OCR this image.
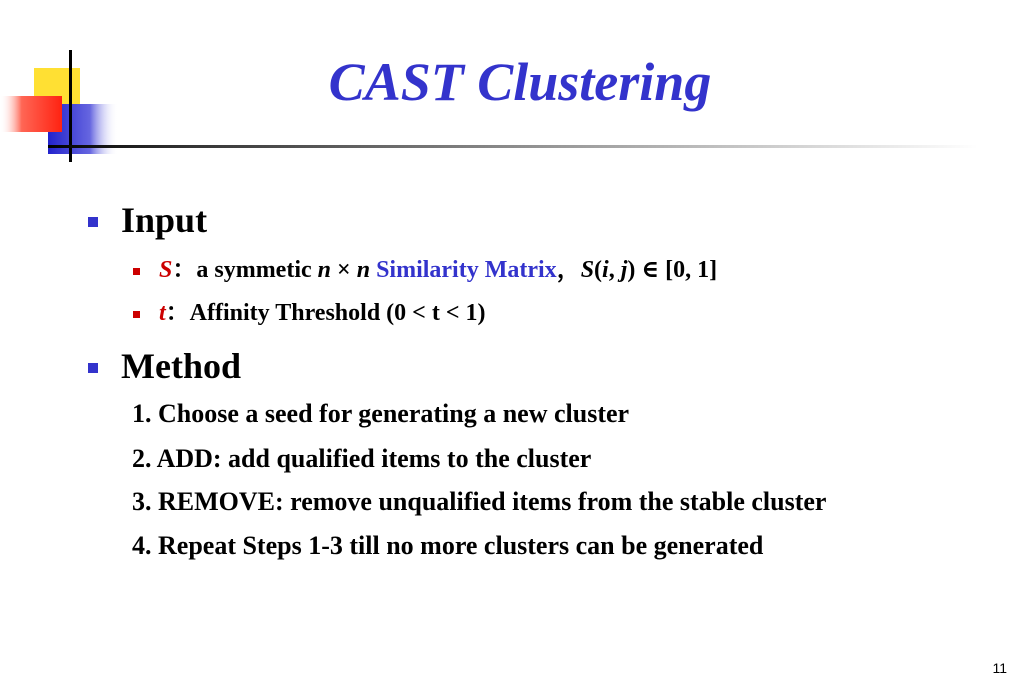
CAST Clustering
Input
S：a symmetic n × n Similarity Matrix，S(i, j) ∈ [0, 1]
t：Affinity Threshold (0 < t < 1)
Method
1. Choose a seed for generating a new cluster
2. ADD: add qualified items to the cluster
3. REMOVE: remove unqualified items from the stable cluster
4. Repeat Steps 1-3 till no more clusters can be generated
11
